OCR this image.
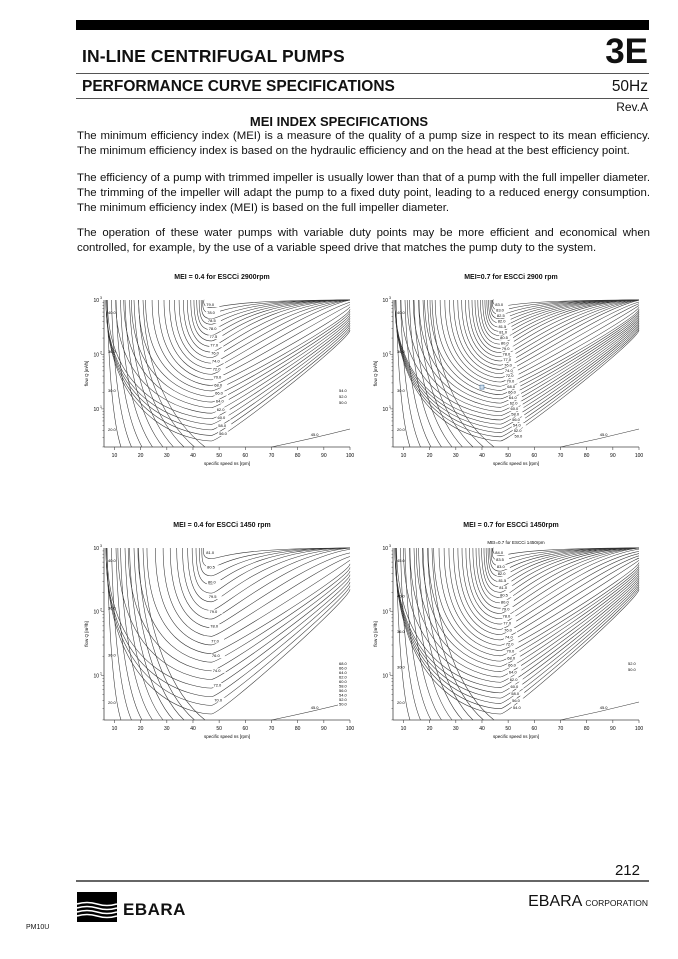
IN-LINE CENTRIFUGAL PUMPS	3E
PERFORMANCE CURVE SPECIFICATIONS	50Hz
Rev.A
MEI INDEX SPECIFICATIONS
The minimum efficiency index (MEI) is a measure of the quality of a pump size in respect to its mean efficiency. The minimum efficiency index is based on the hydraulic efficiency and on the head at the best efficiency point.
The efficiency of a pump with trimmed impeller is usually lower than that of a pump with the full impeller diameter. The trimming of the impeller will adapt the pump to a fixed duty point, leading to a reduced energy consumption. The minimum efficiency index (MEI) is based on the full impeller diameter.
The operation of these water pumps with variable duty points may be more efficient and economical when controlled, for example, by the use of a variable speed drive that matches the pump duty to the system.
MEI = 0.4 for ESCCi 2900rpm
10	20	30	40	50	60	70	80	90	100
10 1
10 2
10 3
specific speed ns [rpm]
flow Q [m³/h]
79.0
78.0
78.5
78.0
77.5
77.0
76.0
74.0
72.0
70.0
68.0
66.0
64.0
62.0
60.0
58.0
56.0
40.0
36.0
30.0
20.0
54.0
52.0
50.0
45.0
MEI=0.7 for ESCCi 2900 rpm
10	20	30	40	50	60	70	80	90	100
10 1
10 2
10 3
specific speed ns [rpm]
flow Q [m³/h]
83.0
83.0
82.5
82.0
81.5
81.0
80.5
80.0
79.0
78.0
77.0
76.0
74.0
72.0
70.0
68.0
66.0
64.0
62.0
60.0
58.0
56.0
54.0
52.0
50.0
40.0
36.0
30.0
20.0
45.0
MEI = 0.4 for ESCCi 1450 rpm
10	20	30	40	50	60	70	80	90	100
10 1
10 2
10 3
specific speed ns [rpm]
flow Q [m³/h]
81.0
80.5
80.0
79.5
79.0
78.0
77.0
76.0
74.0
72.0
70.0
40.0
36.0
30.0
20.0
68.0
66.0
64.0
62.0
60.0
58.0
56.0
54.0
52.0
50.0
45.0
MEI = 0.7 for ESCCi 1450rpm
MEI=0.7 for ESCCi 1450rpm
10	20	30	40	50	60	70	80	90	100
10 1
10 2
10 3
specific speed ns [rpm]
flow Q [m³/h]
84.0
83.5
83.0
82.0
81.5
81.0
80.5
80.0
79.0
78.0
77.0
76.0
74.0
72.0
70.0
68.0
66.0
64.0
62.0
60.0
58.0
56.0
54.0
45.0
40.0
36.0
30.0
20.0
52.0
50.0
45.0
212
EBARA	EBARA CORPORATION
PM10U
